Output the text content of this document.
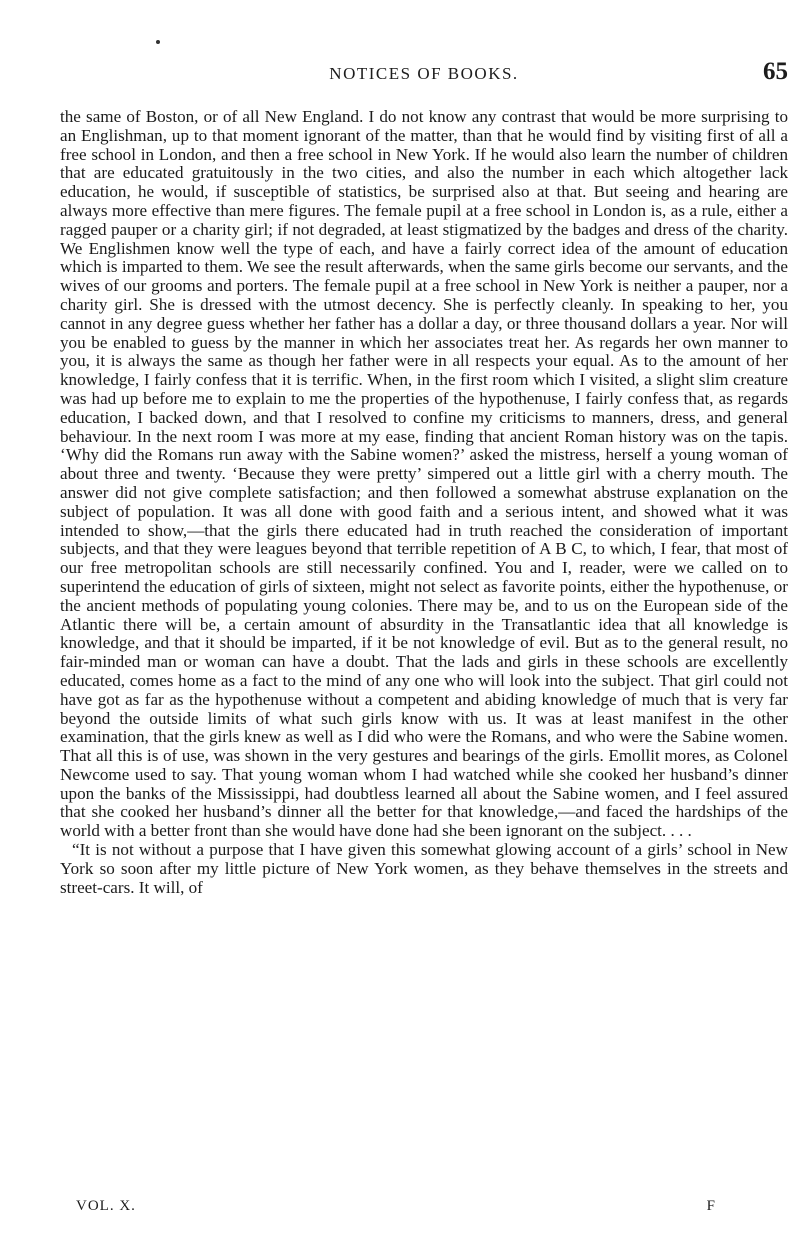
NOTICES OF BOOKS.	65

the same of Boston, or of all New England. I do not know any contrast that would be more surprising to an Englishman, up to that moment ignorant of the matter, than that he would find by visiting first of all a free school in London, and then a free school in New York. If he would also learn the number of children that are educated gratuitously in the two cities, and also the number in each which altogether lack education, he would, if susceptible of statistics, be surprised also at that. But seeing and hearing are always more effective than mere figures. The female pupil at a free school in London is, as a rule, either a ragged pauper or a charity girl; if not degraded, at least stigmatized by the badges and dress of the charity. We Englishmen know well the type of each, and have a fairly correct idea of the amount of education which is imparted to them. We see the result afterwards, when the same girls become our servants, and the wives of our grooms and porters. The female pupil at a free school in New York is neither a pauper, nor a charity girl. She is dressed with the utmost decency. She is perfectly cleanly. In speaking to her, you cannot in any degree guess whether her father has a dollar a day, or three thousand dollars a year. Nor will you be enabled to guess by the manner in which her associates treat her. As regards her own manner to you, it is always the same as though her father were in all respects your equal. As to the amount of her knowledge, I fairly confess that it is terrific. When, in the first room which I visited, a slight slim creature was had up before me to explain to me the properties of the hypothenuse, I fairly confess that, as regards education, I backed down, and that I resolved to confine my criticisms to manners, dress, and general behaviour. In the next room I was more at my ease, finding that ancient Roman history was on the tapis. ‘Why did the Romans run away with the Sabine women?’ asked the mistress, herself a young woman of about three and twenty. ‘Because they were pretty’ simpered out a little girl with a cherry mouth. The answer did not give complete satisfaction; and then followed a somewhat abstruse explanation on the subject of population. It was all done with good faith and a serious intent, and showed what it was intended to show,—that the girls there educated had in truth reached the consideration of important subjects, and that they were leagues beyond that terrible repetition of A B C, to which, I fear, that most of our free metropolitan schools are still necessarily confined. You and I, reader, were we called on to superintend the education of girls of sixteen, might not select as favorite points, either the hypothenuse, or the ancient methods of populating young colonies. There may be, and to us on the European side of the Atlantic there will be, a certain amount of absurdity in the Transatlantic idea that all knowledge is knowledge, and that it should be imparted, if it be not knowledge of evil. But as to the general result, no fair-minded man or woman can have a doubt. That the lads and girls in these schools are excellently educated, comes home as a fact to the mind of any one who will look into the subject. That girl could not have got as far as the hypothenuse without a competent and abiding knowledge of much that is very far beyond the outside limits of what such girls know with us. It was at least manifest in the other examination, that the girls knew as well as I did who were the Romans, and who were the Sabine women. That all this is of use, was shown in the very gestures and bearings of the girls. Emollit mores, as Colonel Newcome used to say. That young woman whom I had watched while she cooked her husband’s dinner upon the banks of the Mississippi, had doubtless learned all about the Sabine women, and I feel assured that she cooked her husband’s dinner all the better for that knowledge,—and faced the hardships of the world with a better front than she would have done had she been ignorant on the subject. . . .

“It is not without a purpose that I have given this somewhat glowing account of a girls’ school in New York so soon after my little picture of New York women, as they behave themselves in the streets and street-cars. It will, of

VOL. X.	F
